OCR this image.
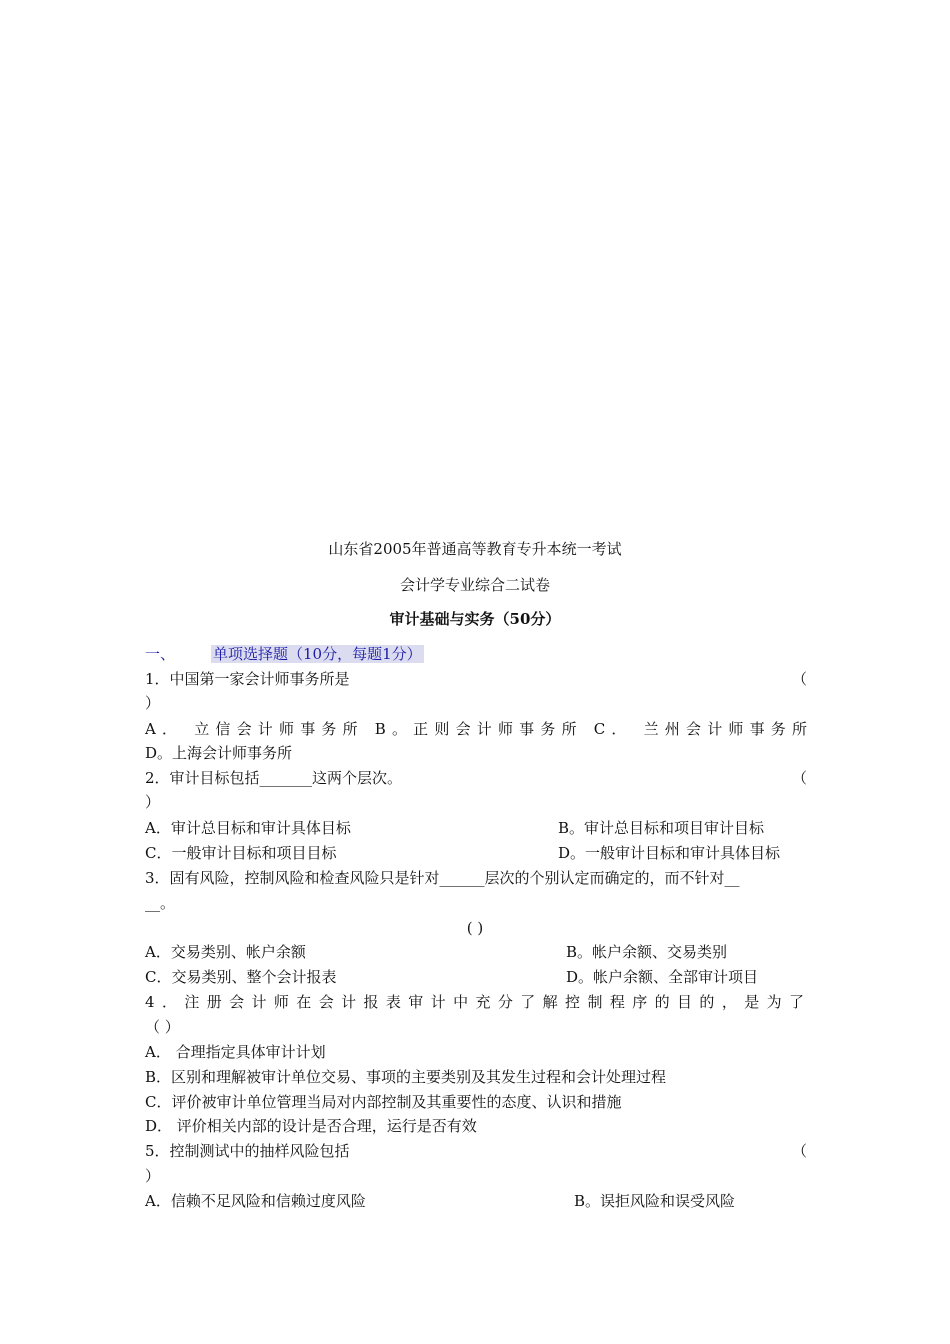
山东省2005年普通高等教育专升本统一考试
会计学专业综合二试卷
审计基础与实务（50分）
一、	单项选择题（10分，每题1分）
1．中国第一家会计师事务所是	（
）
A． 立信会计师事务所 B。正则会计师事务所 C． 兰州会计师事务所
D。上海会计师事务所
2．审计目标包括_______这两个层次。	（
）
A．审计总目标和审计具体目标	B。审计总目标和项目审计目标
C．一般审计目标和项目目标	D。一般审计目标和审计具体目标
3．固有风险，控制风险和检查风险只是针对______层次的个别认定而确定的，而不针对__
__。
( )
A．交易类别、帐户余额	B。帐户余额、交易类别
C．交易类别、整个会计报表	D。帐户余额、全部审计项目
4．注册会计师在会计报表审计中充分了解控制程序的目的，是为了
（ ）
A． 合理指定具体审计计划
B．区别和理解被审计单位交易、事项的主要类别及其发生过程和会计处理过程
C．评价被审计单位管理当局对内部控制及其重要性的态度、认识和措施
D． 评价相关内部的设计是否合理，运行是否有效
5．控制测试中的抽样风险包括	（
）
A．信赖不足风险和信赖过度风险	B。误拒风险和误受风险
